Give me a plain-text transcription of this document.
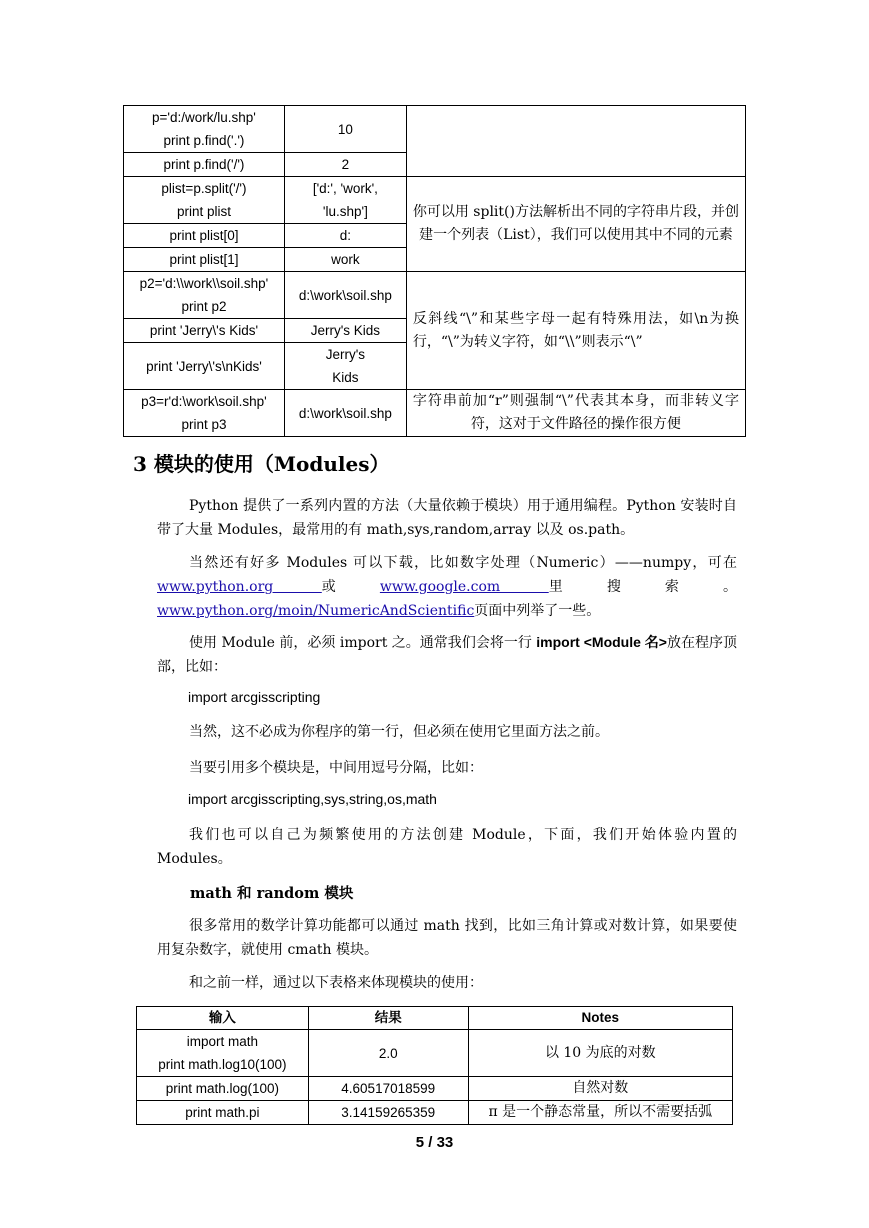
p='d:/work/lu.shp'
print p.find('.')	10	
print p.find('/')	2	
plist=p.split('/')
print plist	['d:', 'work',
'lu.shp']	你可以用 split()方法解析出不同的字符串片段，并创建一个列表（List），我们可以使用其中不同的元素
print plist[0]	d:	
print plist[1]	work	
p2='d:\\work\\soil.shp'
print p2	d:\work\soil.shp	反斜线“\”和某些字母一起有特殊用法，如\n为换行，“\”为转义字符，如“\\”则表示“\”
print 'Jerry\'s Kids'	Jerry's Kids	
print 'Jerry\'s\nKids'	Jerry's
Kids	
p3=r'd:\work\soil.shp'
print p3	d:\work\soil.shp	字符串前加“r”则强制“\”代表其本身，而非转义字符，这对于文件路径的操作很方便
3 模块的使用（Modules）
Python 提供了一系列内置的方法（大量依赖于模块）用于通用编程。Python 安装时自带了大量 Modules，最常用的有 math,sys,random,array 以及 os.path。
当然还有好多 Modules 可以下载，比如数字处理（Numeric）——numpy，可在www.python.org 或www.google.com 里搜索。www.python.org/moin/NumericAndScientific页面中列举了一些。
使用 Module 前，必须 import 之。通常我们会将一行 import <Module 名>放在程序顶部，比如：
import arcgisscripting
当然，这不必成为你程序的第一行，但必须在使用它里面方法之前。
当要引用多个模块是，中间用逗号分隔，比如：
import arcgisscripting,sys,string,os,math
我们也可以自己为频繁使用的方法创建 Module，下面，我们开始体验内置的Modules。
math 和 random 模块
很多常用的数学计算功能都可以通过 math 找到，比如三角计算或对数计算，如果要使用复杂数字，就使用 cmath 模块。
和之前一样，通过以下表格来体现模块的使用：
输入	结果	Notes
import math
print math.log10(100)	2.0	以 10 为底的对数
print math.log(100)	4.60517018599	自然对数
print math.pi	3.14159265359	π 是一个静态常量，所以不需要括弧
5 / 33
